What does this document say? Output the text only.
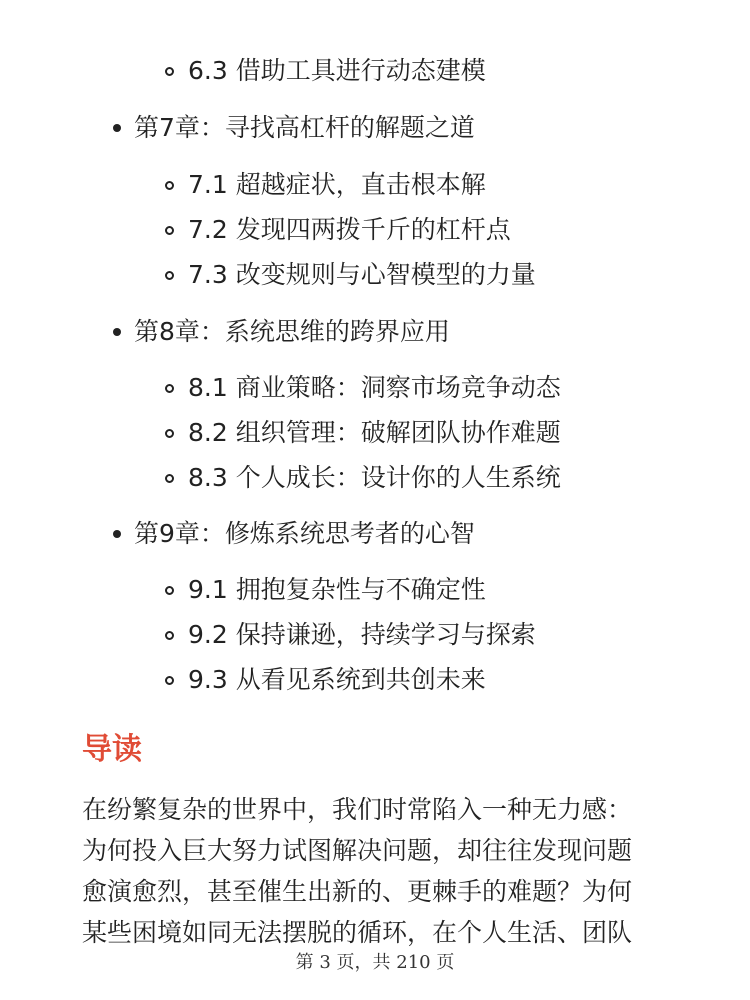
6.3 借助工具进行动态建模
第7章：寻找高杠杆的解题之道
7.1 超越症状，直击根本解
7.2 发现四两拨千斤的杠杆点
7.3 改变规则与心智模型的力量
第8章：系统思维的跨界应用
8.1 商业策略：洞察市场竞争动态
8.2 组织管理：破解团队协作难题
8.3 个人成长：设计你的人生系统
第9章：修炼系统思考者的心智
9.1 拥抱复杂性与不确定性
9.2 保持谦逊，持续学习与探索
9.3 从看见系统到共创未来
导读
在纷繁复杂的世界中，我们时常陷入一种无力感：
为何投入巨大努力试图解决问题，却往往发现问题
愈演愈烈，甚至催生出新的、更棘手的难题？为何
某些困境如同无法摆脱的循环，在个人生活、团队
第 3 页，共 210 页
